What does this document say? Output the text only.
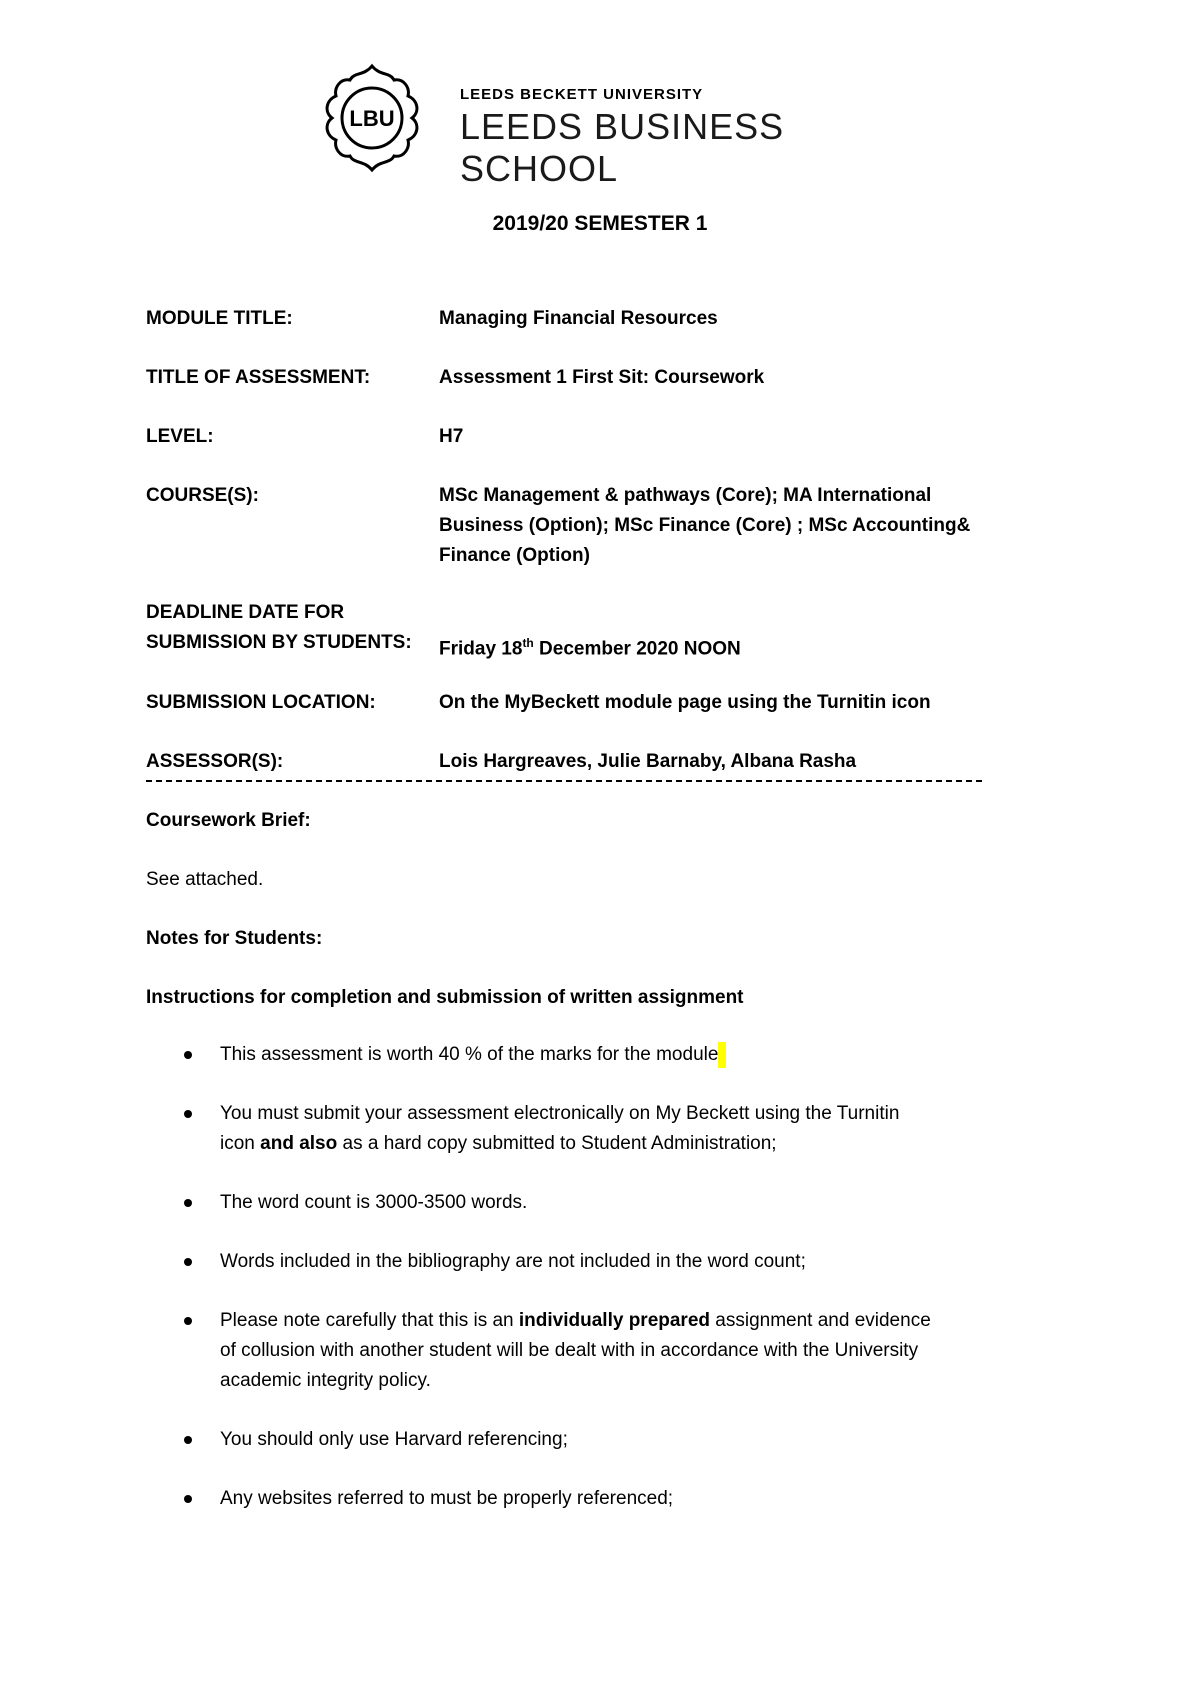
LBU
LEEDS BECKETT UNIVERSITY
LEEDS BUSINESS SCHOOL
2019/20 SEMESTER 1
MODULE TITLE:	Managing Financial Resources
TITLE OF ASSESSMENT:	Assessment 1 First Sit: Coursework
LEVEL:	H7
COURSE(S):	MSc Management & pathways (Core); MA International
Business (Option); MSc Finance (Core) ; MSc Accounting&
Finance (Option)
DEADLINE DATE FOR
SUBMISSION BY STUDENTS:	Friday 18th December 2020 NOON
SUBMISSION LOCATION:	On the MyBeckett module page using the Turnitin icon
ASSESSOR(S):	Lois Hargreaves, Julie Barnaby, Albana Rasha
Coursework Brief:
See attached.
Notes for Students:
Instructions for completion and submission of written assignment
This assessment is worth 40 % of the marks for the module
You must submit your assessment electronically on My Beckett using the Turnitin
icon and also as a hard copy submitted to Student Administration;
The word count is 3000-3500 words.
Words included in the bibliography are not included in the word count;
Please note carefully that this is an individually prepared assignment and evidence
of collusion with another student will be dealt with in accordance with the University
academic integrity policy.
You should only use Harvard referencing;
Any websites referred to must be properly referenced;
